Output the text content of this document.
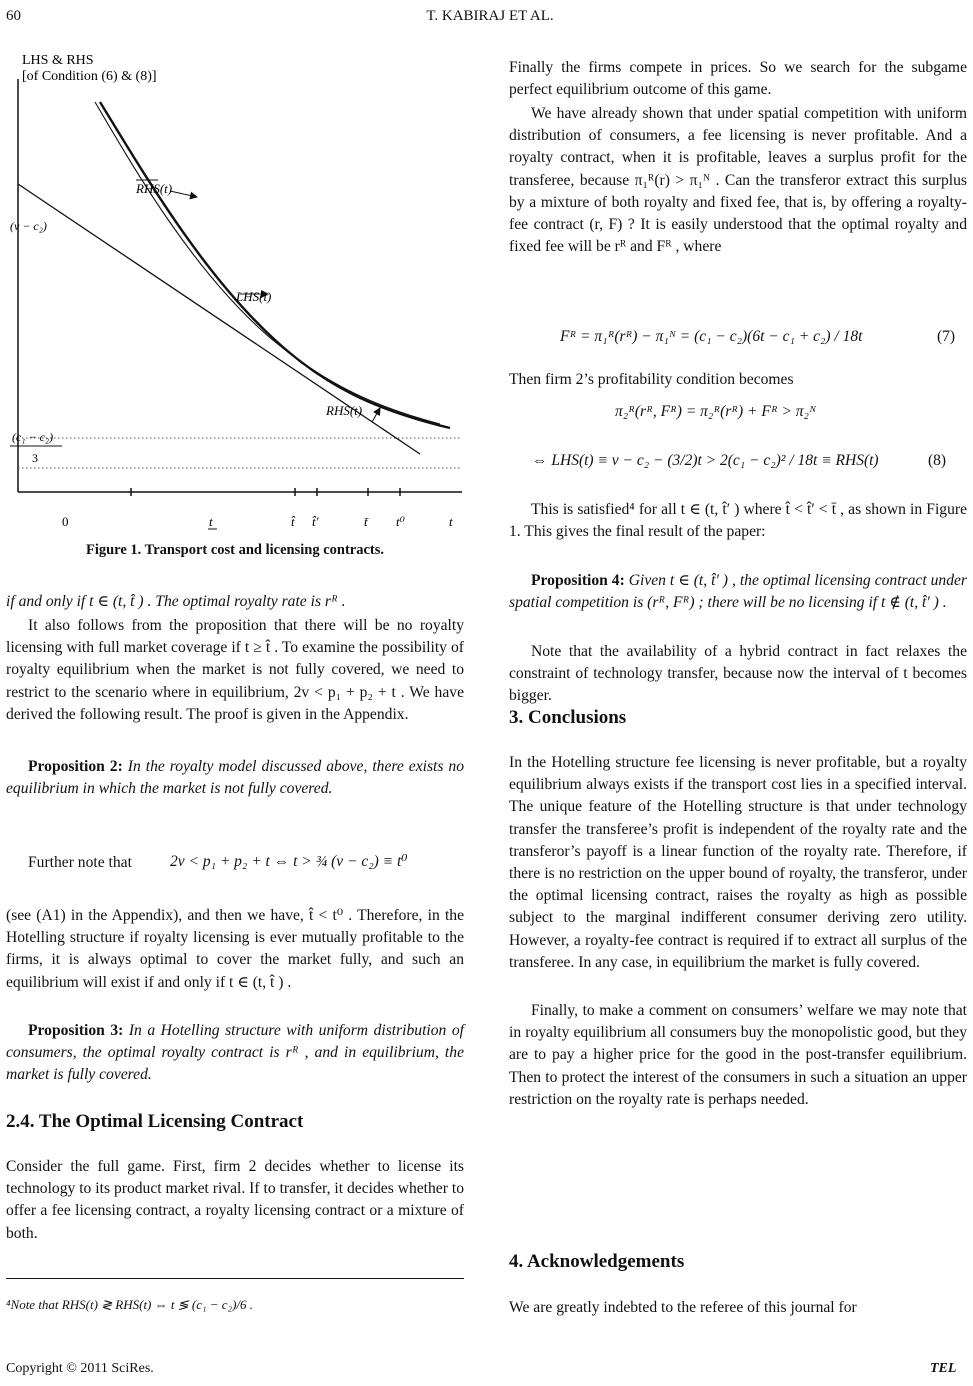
60	T. KABIRAJ ET AL.
LHS & RHS
[of Condition (6) & (8)]
RHS(t)
LHS(t)
RHS(t)
(v − c₂)
(c₁ − c₂)
3
0	t	t̂ t̂′	t̄ t⁰	t
Figure 1. Transport cost and licensing contracts.

if and only if t ∈ (t, t̂ ) . The optimal royalty rate is rᴿ .

It also follows from the proposition that there will be no royalty licensing with full market coverage if t ≥ t̂ . To examine the possibility of royalty equilibrium when the market is not fully covered, we need to restrict to the scenario where in equilibrium, 2v < p₁ + p₂ + t . We have derived the following result. The proof is given in the Appendix.

Proposition 2: In the royalty model discussed above, there exists no equilibrium in which the market is not fully covered.

Further note that 2v < p₁ + p₂ + t ⇔ t > ¾ (v − c₂) ≡ t⁰

(see (A1) in the Appendix), and then we have, t̂ < t⁰ . Therefore, in the Hotelling structure if royalty licensing is ever mutually profitable to the firms, it is always optimal to cover the market fully, and such an equilibrium will exist if and only if t ∈ (t, t̂ ) .

Proposition 3: In a Hotelling structure with uniform distribution of consumers, the optimal royalty contract is rᴿ , and in equilibrium, the market is fully covered.

2.4. The Optimal Licensing Contract

Consider the full game. First, firm 2 decides whether to license its technology to its product market rival. If to transfer, it decides whether to offer a fee licensing contract, a royalty licensing contract or a mixture of both.

⁴Note that RHS(t) ≷ RHS(t) ⇔ t ≶ (c₁ − c₂)/6 .

Finally the firms compete in prices. So we search for the subgame perfect equilibrium outcome of this game.

We have already shown that under spatial competition with uniform distribution of consumers, a fee licensing is never profitable. And a royalty contract, when it is profitable, leaves a surplus profit for the transferee, because π₁ᴿ(r) > π₁ᴺ . Can the transferor extract this surplus by a mixture of both royalty and fixed fee, that is, by offering a royalty-fee contract (r, F) ? It is easily understood that the optimal royalty and fixed fee will be rᴿ and Fᴿ , where

Fᴿ = π₁ᴿ(rᴿ) − π₁ᴺ = (c₁ − c₂)(6t − c₁ + c₂) / 18t	(7)

Then firm 2’s profitability condition becomes

π₂ᴿ(rᴿ, Fᴿ) = π₂ᴿ(rᴿ) + Fᴿ > π₂ᴺ
⇔ LHS(t) ≡ v − c₂ − (3/2)t > 2(c₁ − c₂)² / 18t ≡ RHS(t)	(8)

This is satisfied⁴ for all t ∈ (t, t̂′ ) where t̂ < t̂′ < t̄ , as shown in Figure 1. This gives the final result of the paper:

Proposition 4: Given t ∈ (t, t̂′ ) , the optimal licensing contract under spatial competition is (rᴿ, Fᴿ) ; there will be no licensing if t ∉ (t, t̂′ ) .

Note that the availability of a hybrid contract in fact relaxes the constraint of technology transfer, because now the interval of t becomes bigger.

3. Conclusions

In the Hotelling structure fee licensing is never profitable, but a royalty equilibrium always exists if the transport cost lies in a specified interval. The unique feature of the Hotelling structure is that under technology transfer the transferee’s profit is independent of the royalty rate and the transferor’s payoff is a linear function of the royalty rate. Therefore, if there is no restriction on the upper bound of royalty, the transferor, under the optimal licensing contract, raises the royalty as high as possible subject to the marginal indifferent consumer deriving zero utility. However, a royalty-fee contract is required if to extract all surplus of the transferee. In any case, in equilibrium the market is fully covered.

Finally, to make a comment on consumers’ welfare we may note that in royalty equilibrium all consumers buy the monopolistic good, but they are to pay a higher price for the good in the post-transfer equilibrium. Then to protect the interest of the consumers in such a situation an upper restriction on the royalty rate is perhaps needed.

4. Acknowledgements

We are greatly indebted to the referee of this journal for

Copyright © 2011 SciRes.	TEL
